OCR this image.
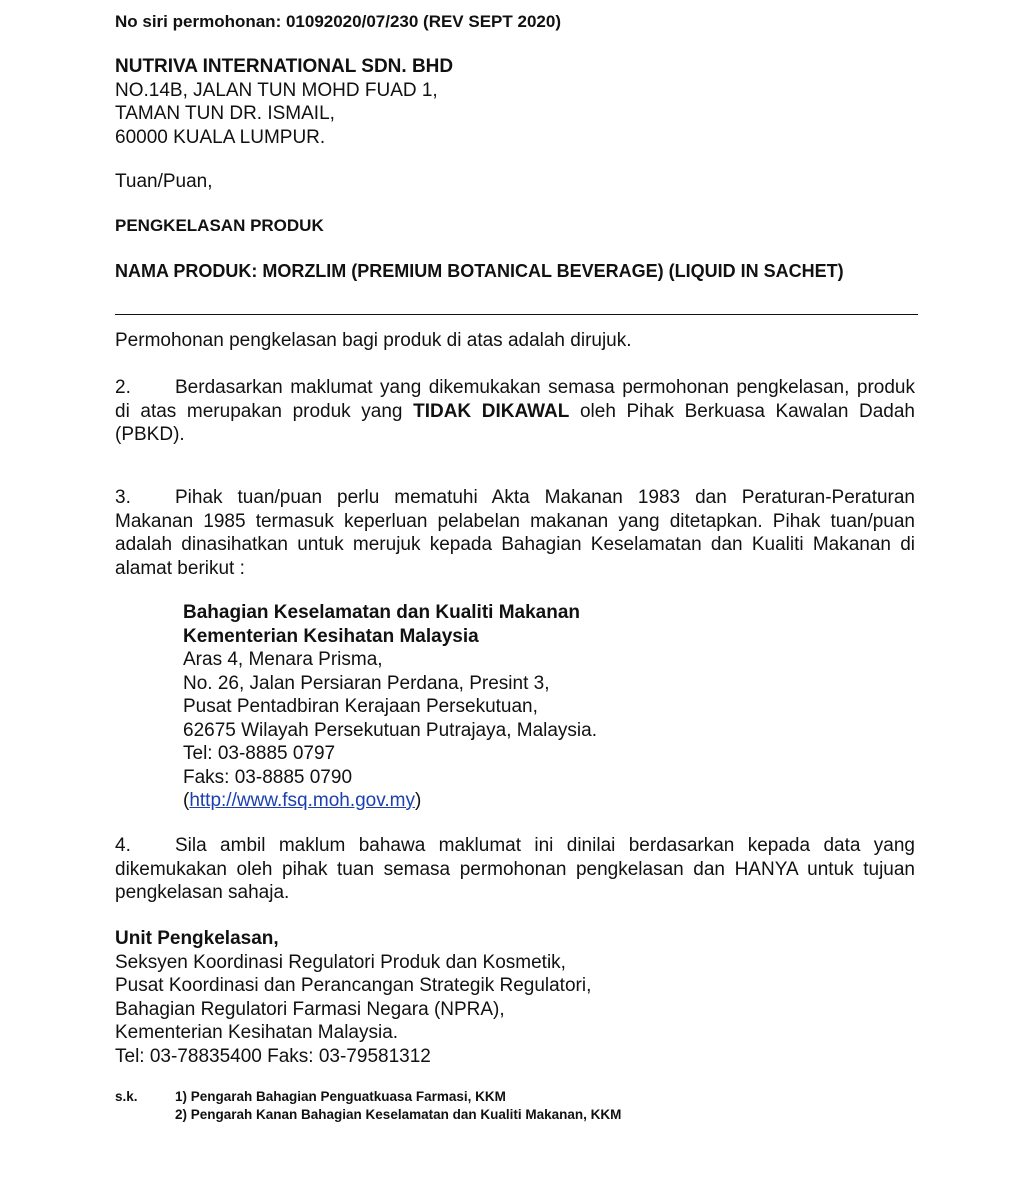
No siri permohonan: 01092020/07/230 (REV SEPT 2020)
NUTRIVA INTERNATIONAL SDN. BHD
NO.14B, JALAN TUN MOHD FUAD 1,
TAMAN TUN DR. ISMAIL,
60000 KUALA LUMPUR.
Tuan/Puan,
PENGKELASAN PRODUK
NAMA PRODUK: MORZLIM (PREMIUM BOTANICAL BEVERAGE) (LIQUID IN SACHET)
Permohonan pengkelasan bagi produk di atas adalah dirujuk.
2. Berdasarkan maklumat yang dikemukakan semasa permohonan pengkelasan, produk di atas merupakan produk yang TIDAK DIKAWAL oleh Pihak Berkuasa Kawalan Dadah (PBKD).
3. Pihak tuan/puan perlu mematuhi Akta Makanan 1983 dan Peraturan-Peraturan Makanan 1985 termasuk keperluan pelabelan makanan yang ditetapkan. Pihak tuan/puan adalah dinasihatkan untuk merujuk kepada Bahagian Keselamatan dan Kualiti Makanan di alamat berikut :
Bahagian Keselamatan dan Kualiti Makanan
Kementerian Kesihatan Malaysia
Aras 4, Menara Prisma,
No. 26, Jalan Persiaran Perdana, Presint 3,
Pusat Pentadbiran Kerajaan Persekutuan,
62675 Wilayah Persekutuan Putrajaya, Malaysia.
Tel: 03-8885 0797
Faks: 03-8885 0790
(http://www.fsq.moh.gov.my)
4. Sila ambil maklum bahawa maklumat ini dinilai berdasarkan kepada data yang dikemukakan oleh pihak tuan semasa permohonan pengkelasan dan HANYA untuk tujuan pengkelasan sahaja.
Unit Pengkelasan,
Seksyen Koordinasi Regulatori Produk dan Kosmetik,
Pusat Koordinasi dan Perancangan Strategik Regulatori,
Bahagian Regulatori Farmasi Negara (NPRA),
Kementerian Kesihatan Malaysia.
Tel: 03-78835400 Faks: 03-79581312
s.k.	1) Pengarah Bahagian Penguatkuasa Farmasi, KKM
2) Pengarah Kanan Bahagian Keselamatan dan Kualiti Makanan, KKM
